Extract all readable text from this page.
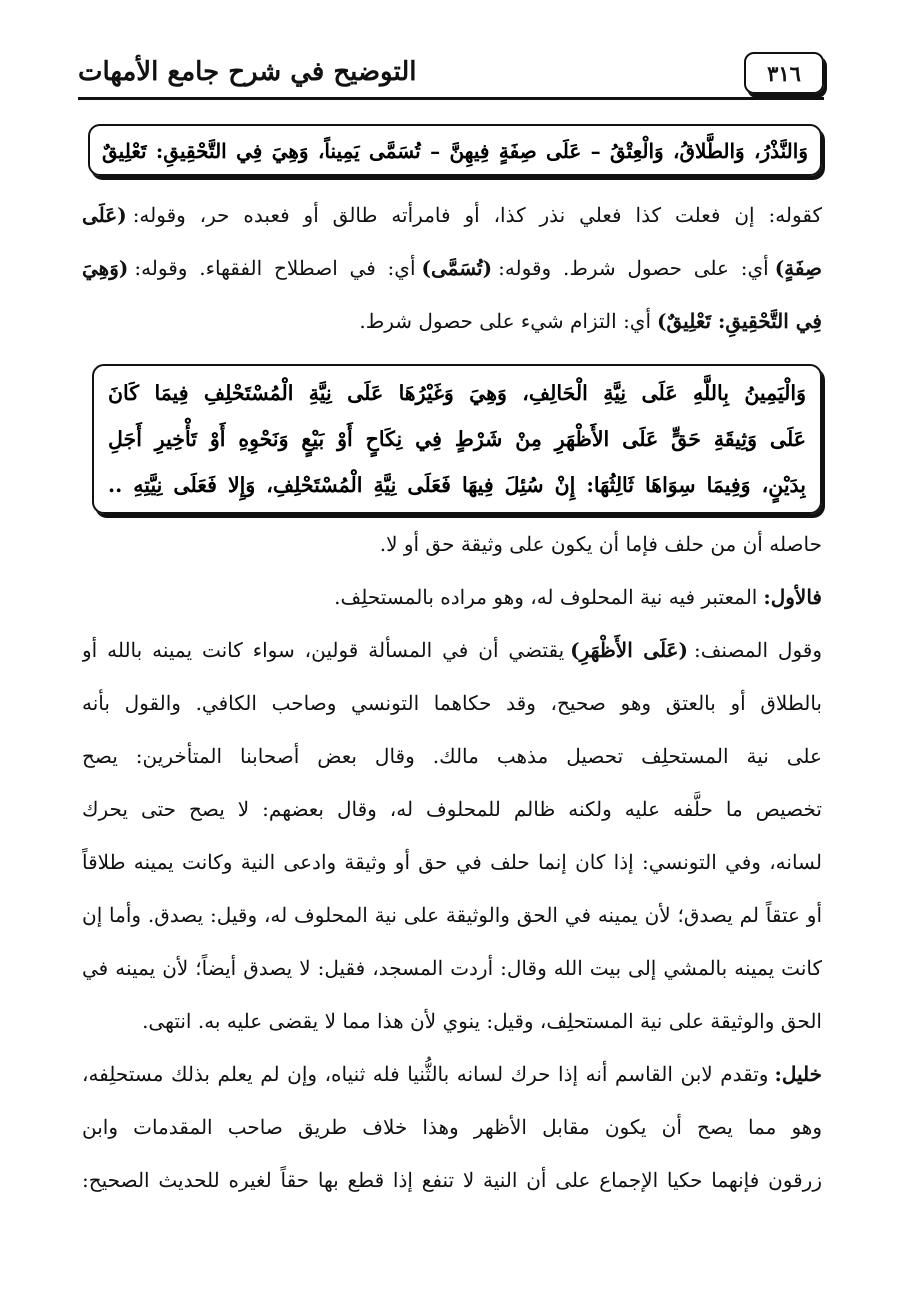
٣١٦
التوضيح في شرح جامع الأمهات
وَالنَّذْرُ، وَالطَّلاقُ، وَالْعِتْقُ – عَلَى صِفَةٍ فِيهِنَّ – تُسَمَّى يَمِيناً، وَهِيَ فِي التَّحْقِيقِ: تَعْلِيقٌ
كقوله: إن فعلت كذا فعلي نذر كذا، أو فامرأته طالق أو فعبده حر، وقوله:(عَلَى
صِفَةٍ)أي: على حصول شرط. وقوله:(تُسَمَّى)أي: في اصطلاح الفقهاء. وقوله:(وَهِيَ
فِي التَّحْقِيقِ: تَعْلِيقٌ)أي: التزام شيء على حصول شرط.
وَالْيَمِينُ بِاللَّهِ عَلَى نِيَّةِ الْحَالِفِ، وَهِيَ وَغَيْرُهَا عَلَى نِيَّةِ الْمُسْتَحْلِفِ فِيمَا كَانَ
عَلَى وَثِيقَةِ حَقٍّ عَلَى الأَظْهَرِ مِنْ شَرْطٍ فِي نِكَاحٍ أَوْ بَيْعٍ وَنَحْوِهِ أَوْ تَأْخِيرِ أَجَلِ
بِدَيْنٍ، وَفِيمَا سِوَاهَا ثَالِثُهَا: إِنْ سُئِلَ فِيهَا فَعَلَى نِيَّةِ الْمُسْتَحْلِفِ، وَإِلا فَعَلَى نِيَّتِهِ ..
حاصله أن من حلف فإما أن يكون على وثيقة حق أو لا.
فالأول:المعتبر فيه نية المحلوف له، وهو مراده بالمستحلِف.
وقول المصنف:(عَلَى الأَظْهَرِ)يقتضي أن في المسألة قولين، سواء كانت يمينه بالله أو
بالطلاق أو بالعتق وهو صحيح، وقد حكاهما التونسي وصاحب الكافي. والقول بأنه
على نية المستحلِف تحصيل مذهب مالك. وقال بعض أصحابنا المتأخرين: يصح
تخصيص ما حلَّفه عليه ولكنه ظالم للمحلوف له، وقال بعضهم: لا يصح حتى يحرك
لسانه، وفي التونسي: إذا كان إنما حلف في حق أو وثيقة وادعى النية وكانت يمينه طلاقاً
أو عتقاً لم يصدق؛ لأن يمينه في الحق والوثيقة على نية المحلوف له، وقيل: يصدق. وأما إن
كانت يمينه بالمشي إلى بيت الله وقال: أردت المسجد، فقيل: لا يصدق أيضاً؛ لأن يمينه في
الحق والوثيقة على نية المستحلِف، وقيل: ينوي لأن هذا مما لا يقضى عليه به. انتهى.
خليل:وتقدم لابن القاسم أنه إذا حرك لسانه بالثُّنيا فله ثنياه، وإن لم يعلم بذلك مستحلِفه،
وهو مما يصح أن يكون مقابل الأظهر وهذا خلاف طريق صاحب المقدمات وابن
زرقون فإنهما حكيا الإجماع على أن النية لا تنفع إذا قطع بها حقاً لغيره للحديث الصحيح:
